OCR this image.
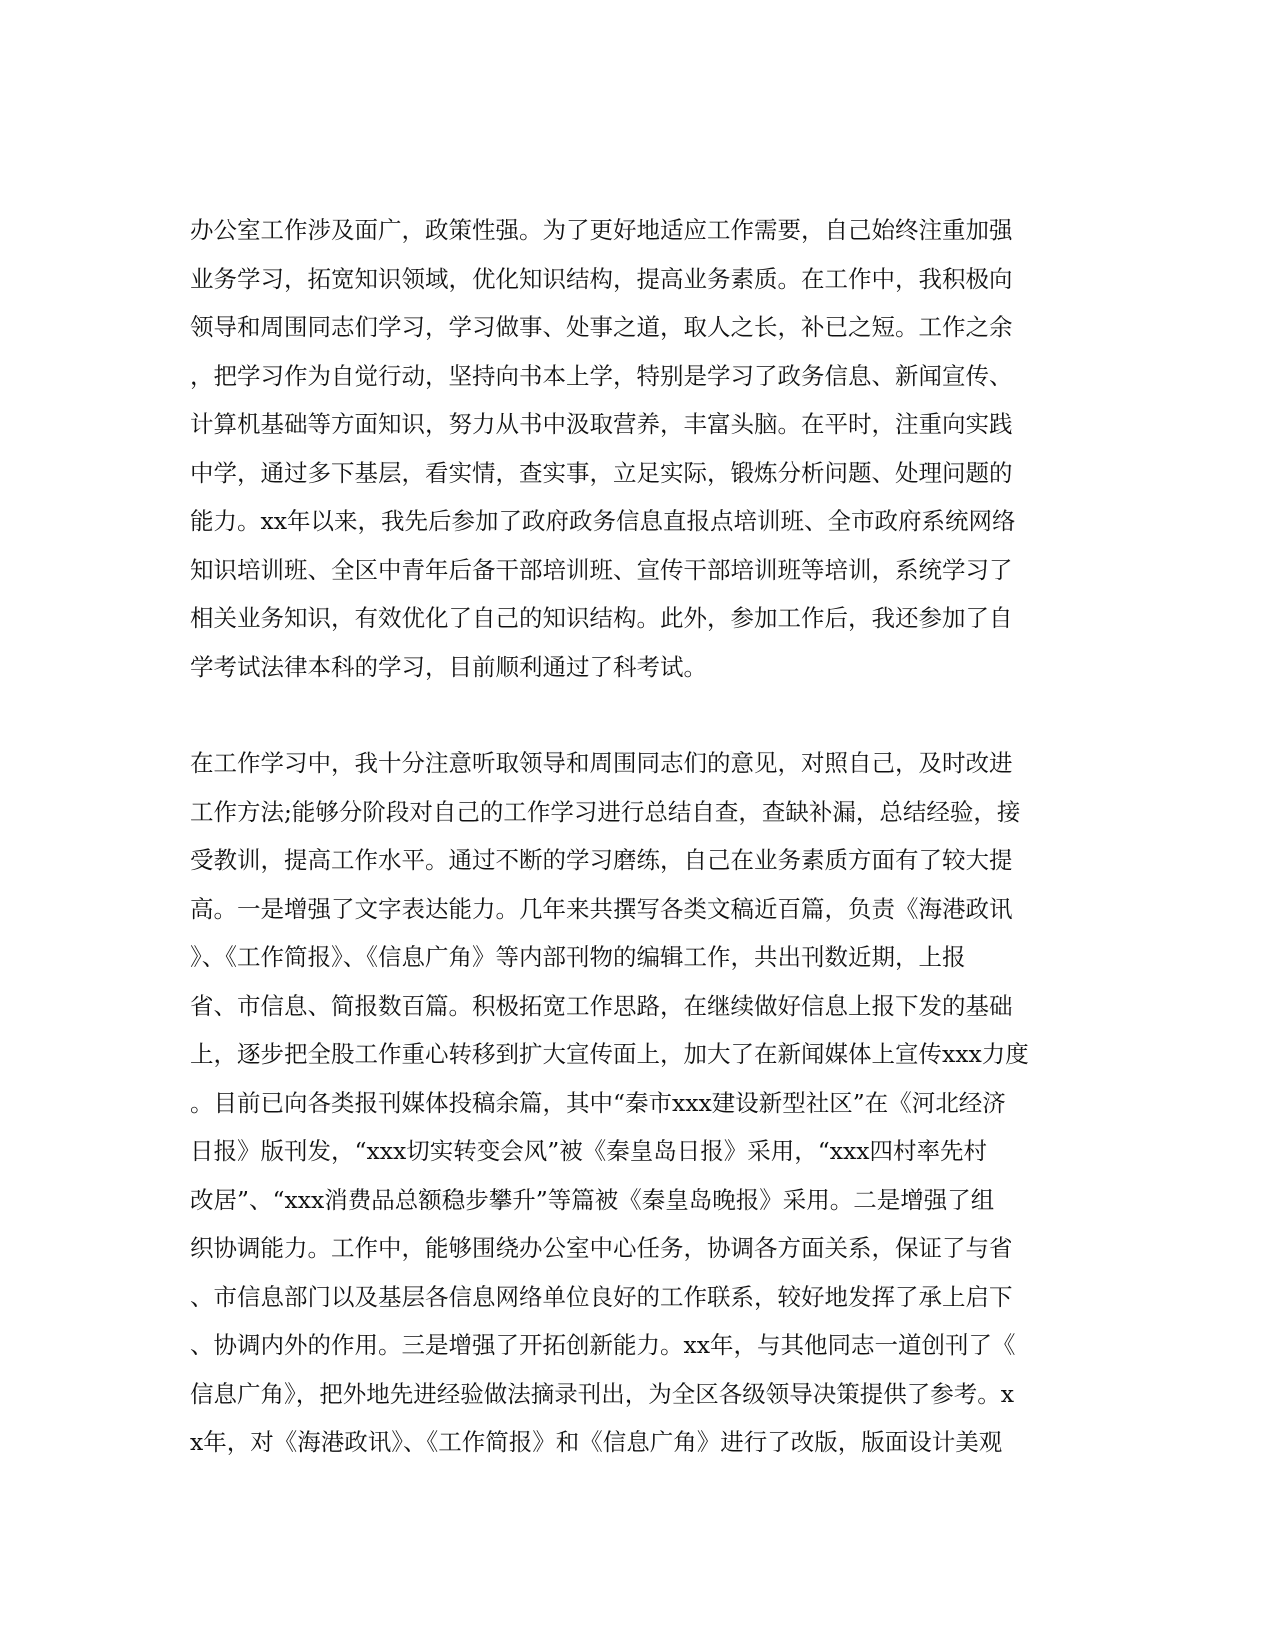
办公室工作涉及面广，政策性强。为了更好地适应工作需要，自己始终注重加强
业务学习，拓宽知识领域，优化知识结构，提高业务素质。在工作中，我积极向
领导和周围同志们学习，学习做事、处事之道，取人之长，补已之短。工作之余
，把学习作为自觉行动，坚持向书本上学，特别是学习了政务信息、新闻宣传、
计算机基础等方面知识，努力从书中汲取营养，丰富头脑。在平时，注重向实践
中学，通过多下基层，看实情，查实事，立足实际，锻炼分析问题、处理问题的
能力。xx年以来，我先后参加了政府政务信息直报点培训班、全市政府系统网络
知识培训班、全区中青年后备干部培训班、宣传干部培训班等培训，系统学习了
相关业务知识，有效优化了自己的知识结构。此外，参加工作后，我还参加了自
学考试法律本科的学习，目前顺利通过了科考试。
在工作学习中，我十分注意听取领导和周围同志们的意见，对照自己，及时改进
工作方法;能够分阶段对自己的工作学习进行总结自查，查缺补漏，总结经验，接
受教训，提高工作水平。通过不断的学习磨练，自己在业务素质方面有了较大提
高。一是增强了文字表达能力。几年来共撰写各类文稿近百篇，负责《海港政讯
》、《工作简报》、《信息广角》等内部刊物的编辑工作，共出刊数近期，上报
省、市信息、简报数百篇。积极拓宽工作思路，在继续做好信息上报下发的基础
上，逐步把全股工作重心转移到扩大宣传面上，加大了在新闻媒体上宣传xxx力度
。目前已向各类报刊媒体投稿余篇，其中“秦市xxx建设新型社区”在《河北经济
日报》版刊发，“xxx切实转变会风”被《秦皇岛日报》采用，“xxx四村率先村
改居”、“xxx消费品总额稳步攀升”等篇被《秦皇岛晚报》采用。二是增强了组
织协调能力。工作中，能够围绕办公室中心任务，协调各方面关系，保证了与省
、市信息部门以及基层各信息网络单位良好的工作联系，较好地发挥了承上启下
、协调内外的作用。三是增强了开拓创新能力。xx年，与其他同志一道创刊了《
信息广角》，把外地先进经验做法摘录刊出，为全区各级领导决策提供了参考。x
x年，对《海港政讯》、《工作简报》和《信息广角》进行了改版，版面设计美观
